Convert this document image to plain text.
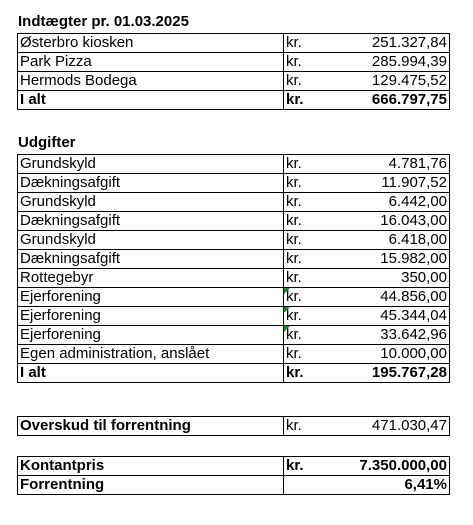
Indtægter pr. 01.03.2025
Østerbro kiosken	kr.	251.327,84
Park Pizza	kr.	285.994,39
Hermods Bodega	kr.	129.475,52
I alt	kr.	666.797,75
Udgifter
Grundskyld	kr.	4.781,76
Dækningsafgift	kr.	11.907,52
Grundskyld	kr.	6.442,00
Dækningsafgift	kr.	16.043,00
Grundskyld	kr.	6.418,00
Dækningsafgift	kr.	15.982,00
Rottegebyr	kr.	350,00
Ejerforening	kr.	44.856,00
Ejerforening	kr.	45.344,04
Ejerforening	kr.	33.642,96
Egen administration, anslået	kr.	10.000,00
I alt	kr.	195.767,28
Overskud til forrentning	kr.	471.030,47
Kontantpris	kr.	7.350.000,00
Forrentning	6,41%	
